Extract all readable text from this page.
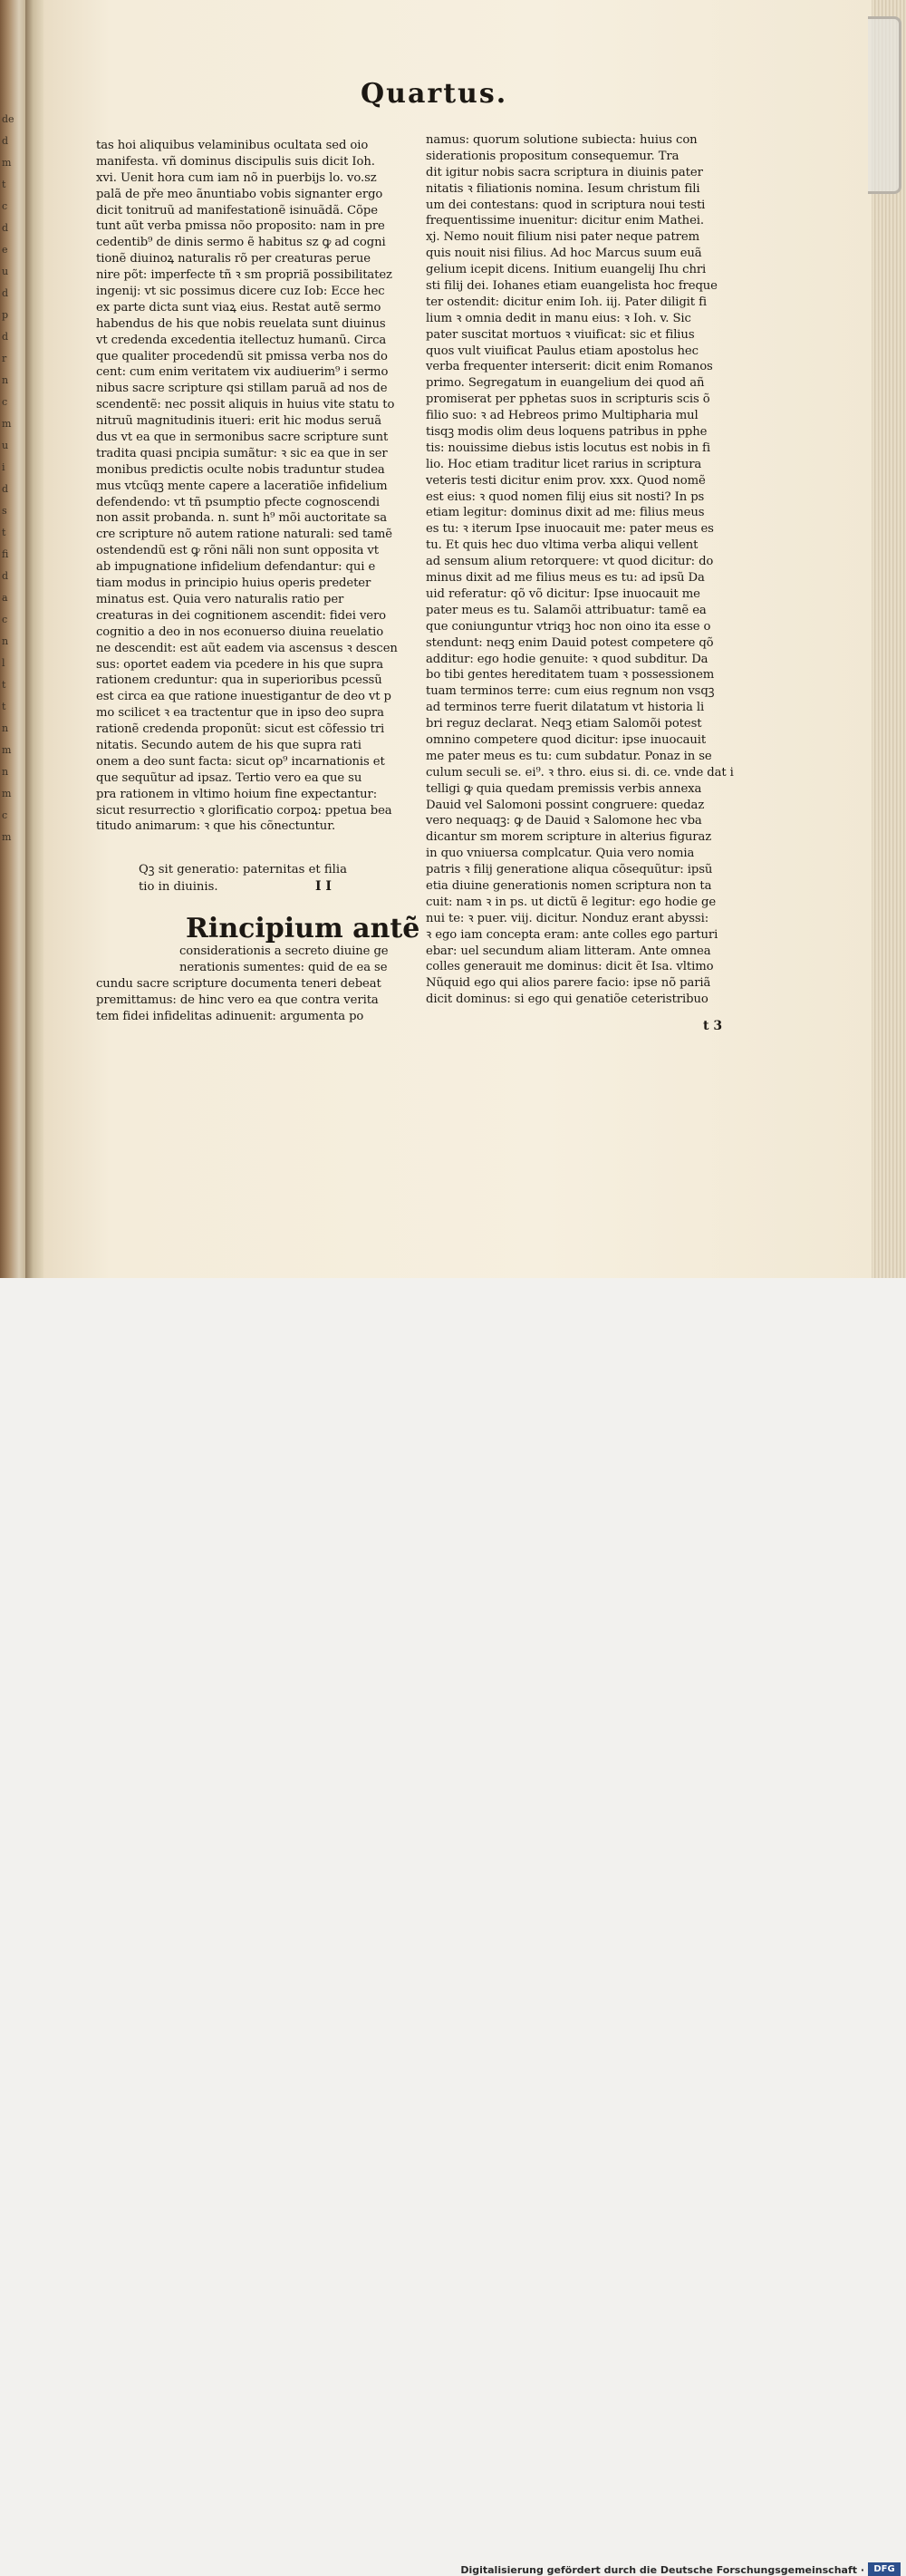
de
d
m
t
c
d
e
u
d
p
d
r
n
c
m
u
i
d
s
t
fi
d
a
c
n
l
t
t
n
m
n
m
c
m
Quartus.
tas hoi aliquibus velaminibus ocultata sed oio
manifesta. vñ dominus discipulis suis dicit Ioh.
xvi. Uenit hora cum iam nõ in puerbijs lo. vo.sz
palã de pře meo ãnuntiabo vobis signanter ergo
dicit tonitruũ ad manifestationẽ isinuãdã. Cõpe
tunt aũt verba pmissa nõo proposito: nam in pre
cedentib⁹ de dinis sermo ẽ habitus sz ꝙ ad cogni
tionẽ diuinoꝝ naturalis rõ per creaturas perue
nire põt: imperfecte tñ ꝛ sm propriã possibilitatez
ingenij: vt sic possimus dicere cuz Iob: Ecce hec
ex parte dicta sunt viaꝝ eius. Restat autẽ sermo
habendus de his que nobis reuelata sunt diuinus
vt credenda excedentia itellectuz humanũ. Circa
que qualiter procedendũ sit pmissa verba nos do
cent: cum enim veritatem vix audiuerim⁹ i sermo
nibus sacre scripture qsi stillam paruã ad nos de
scendentẽ: nec possit aliquis in huius vite statu to
nitruũ magnitudinis itueri: erit hic modus seruã
dus vt ea que in sermonibus sacre scripture sunt
tradita quasi pncipia sumãtur: ꝛ sic ea que in ser
monibus predictis oculte nobis traduntur studea
mus vtcũqꝫ mente capere a laceratiõe infidelium
defendendo: vt tñ psumptio pfecte cognoscendi
non assit probanda. n. sunt h⁹ mõi auctoritate sa
cre scripture nõ autem ratione naturali: sed tamẽ
ostendendũ est ꝙ rõni nãli non sunt opposita vt
ab impugnatione infidelium defendantur: qui e
tiam modus in principio huius operis predeter
minatus est. Quia vero naturalis ratio per
creaturas in dei cognitionem ascendit: fidei vero
cognitio a deo in nos econuerso diuina reuelatio
ne descendit: est aũt eadem via ascensus ꝛ descen
sus: oportet eadem via pcedere in his que supra
rationem creduntur: qua in superioribus pcessũ
est circa ea que ratione inuestigantur de deo vt p
mo scilicet ꝛ ea tractentur que in ipso deo supra
rationẽ credenda proponũt: sicut est cõfessio tri
nitatis. Secundo autem de his que supra rati
onem a deo sunt facta: sicut op⁹ incarnationis et
que sequũtur ad ipsaz. Tertio vero ea que su
pra rationem in vltimo hoium fine expectantur:
sicut resurrectio ꝛ glorificatio corpoꝝ: ppetua bea
titudo animarum: ꝛ que his cõnectuntur.
Qꝫ sit generatio: paternitas et filia
tio in diuinis.	I I
Rincipium antẽ
considerationis a secreto diuine ge
nerationis sumentes: quid de ea se
cundu sacre scripture documenta teneri debeat
premittamus: de hinc vero ea que contra verita
tem fidei infidelitas adinuenit: argumenta po
namus: quorum solutione subiecta: huius con
siderationis propositum consequemur. Tra
dit igitur nobis sacra scriptura in diuinis pater
nitatis ꝛ filiationis nomina. Iesum christum fili
um dei contestans: quod in scriptura noui testi
frequentissime inuenitur: dicitur enim Mathei.
xj. Nemo nouit filium nisi pater neque patrem
quis nouit nisi filius. Ad hoc Marcus suum euã
gelium icepit dicens. Initium euangelij Ihu chri
sti filij dei. Iohanes etiam euangelista hoc freque
ter ostendit: dicitur enim Ioh. iij. Pater diligit fi
lium ꝛ omnia dedit in manu eius: ꝛ Ioh. v. Sic
pater suscitat mortuos ꝛ viuificat: sic et filius
quos vult viuificat Paulus etiam apostolus hec
verba frequenter interserit: dicit enim Romanos
primo. Segregatum in euangelium dei quod añ
promiserat per pphetas suos in scripturis scis õ
filio suo: ꝛ ad Hebreos primo Multipharia mul
tisqꝫ modis olim deus loquens patribus in pphe
tis: nouissime diebus istis locutus est nobis in fi
lio. Hoc etiam traditur licet rarius in scriptura
veteris testi dicitur enim prov. xxx. Quod nomẽ
est eius: ꝛ quod nomen filij eius sit nosti? In ps
etiam legitur: dominus dixit ad me: filius meus
es tu: ꝛ iterum Ipse inuocauit me: pater meus es
tu. Et quis hec duo vltima verba aliqui vellent
ad sensum alium retorquere: vt quod dicitur: do
minus dixit ad me filius meus es tu: ad ipsũ Da
uid referatur: qõ võ dicitur: Ipse inuocauit me
pater meus es tu. Salamõi attribuatur: tamẽ ea
que coniunguntur vtriqꝫ hoc non oino ita esse o
stendunt: neqꝫ enim Dauid potest competere qõ
additur: ego hodie genuite: ꝛ quod subditur. Da
bo tibi gentes hereditatem tuam ꝛ possessionem
tuam terminos terre: cum eius regnum non vsqꝫ
ad terminos terre fuerit dilatatum vt historia li
bri reguz declarat. Neqꝫ etiam Salomõi potest
omnino competere quod dicitur: ipse inuocauit
me pater meus es tu: cum subdatur. Ponaz in se
culum seculi se. ei⁹. ꝛ thro. eius si. di. ce. vnde dat i
telligi ꝙ quia quedam premissis verbis annexa
Dauid vel Salomoni possint congruere: quedaz
vero nequaqꝫ: ꝙ de Dauid ꝛ Salomone hec vba
dicantur sm morem scripture in alterius figuraz
in quo vniuersa complcatur. Quia vero nomia
patris ꝛ filij generatione aliqua cõsequũtur: ipsũ
etia diuine generationis nomen scriptura non ta
cuit: nam ꝛ in ps. ut dictũ ẽ legitur: ego hodie ge
nui te: ꝛ puer. viij. dicitur. Nonduz erant abyssi:
ꝛ ego iam concepta eram: ante colles ego parturi
ebar: uel secundum aliam litteram. Ante omnea
colles generauit me dominus: dicit ẽt Isa. vltimo
Nũquid ego qui alios parere facio: ipse nõ pariã
dicit dominus: si ego qui genatiõe ceteristribuo
t 3
Digitalisierung gefördert durch die Deutsche Forschungsgemeinschaft ·	DFG
